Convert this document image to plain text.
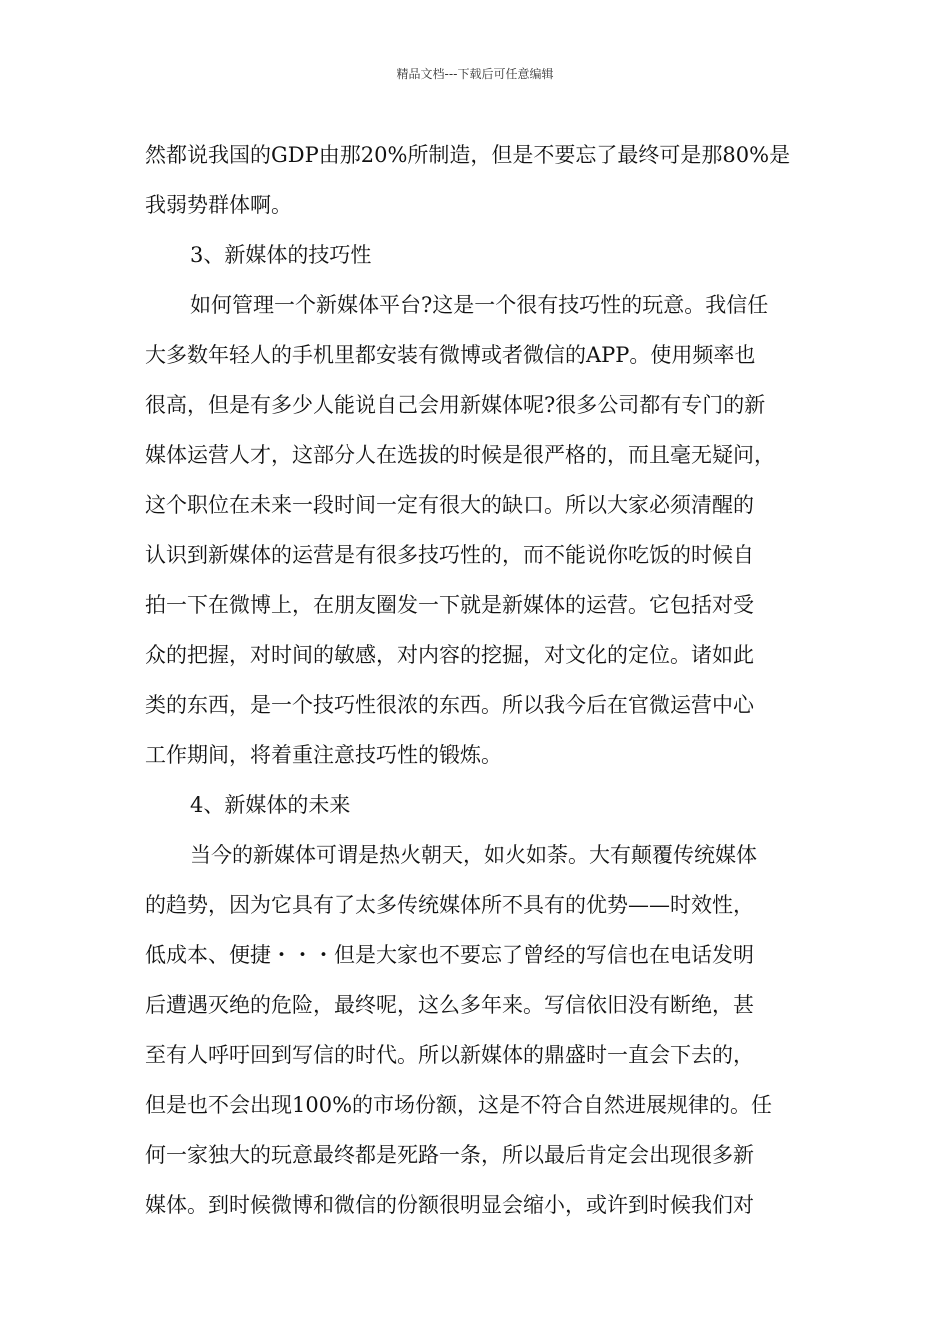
精品文档---下载后可任意编辑
然都说我国的GDP由那20%所制造，但是不要忘了最终可是那80%是
我弱势群体啊。
3、新媒体的技巧性
如何管理一个新媒体平台?这是一个很有技巧性的玩意。我信任
大多数年轻人的手机里都安装有微博或者微信的APP。使用频率也
很高，但是有多少人能说自己会用新媒体呢?很多公司都有专门的新
媒体运营人才，这部分人在选拔的时候是很严格的，而且毫无疑问，
这个职位在未来一段时间一定有很大的缺口。所以大家必须清醒的
认识到新媒体的运营是有很多技巧性的，而不能说你吃饭的时候自
拍一下在微博上，在朋友圈发一下就是新媒体的运营。它包括对受
众的把握，对时间的敏感，对内容的挖掘，对文化的定位。诸如此
类的东西，是一个技巧性很浓的东西。所以我今后在官微运营中心
工作期间，将着重注意技巧性的锻炼。
4、新媒体的未来
当今的新媒体可谓是热火朝天，如火如荼。大有颠覆传统媒体
的趋势，因为它具有了太多传统媒体所不具有的优势——时效性，
低成本、便捷・・・但是大家也不要忘了曾经的写信也在电话发明
后遭遇灭绝的危险，最终呢，这么多年来。写信依旧没有断绝，甚
至有人呼吁回到写信的时代。所以新媒体的鼎盛时一直会下去的，
但是也不会出现100%的市场份额，这是不符合自然进展规律的。任
何一家独大的玩意最终都是死路一条，所以最后肯定会出现很多新
媒体。到时候微博和微信的份额很明显会缩小，或许到时候我们对
